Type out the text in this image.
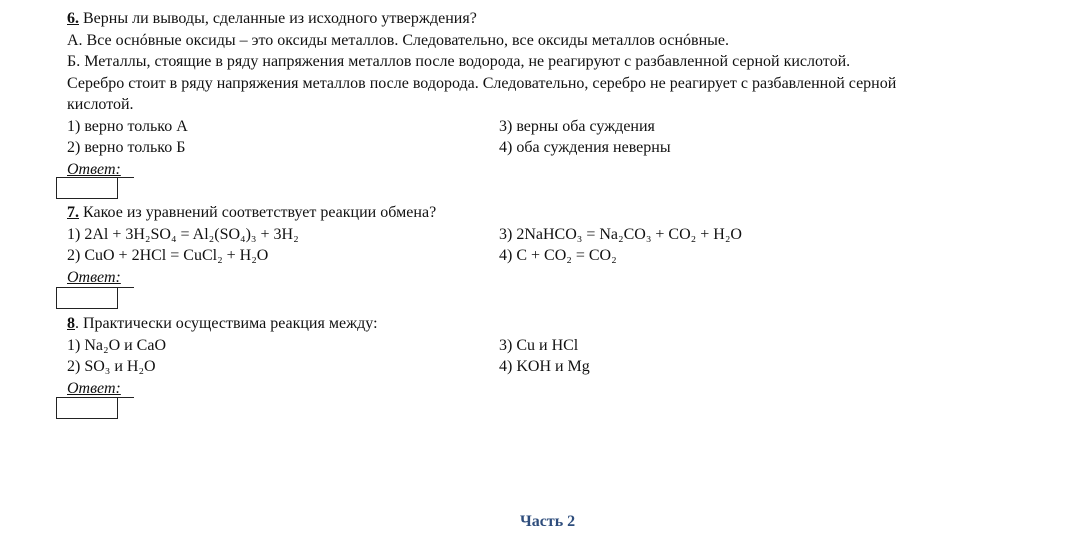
6. Верны ли выводы, сделанные из исходного утверждения?
А. Все оснóвные оксиды – это оксиды металлов. Следовательно, все оксиды металлов оснóвные.
Б. Металлы, стоящие в ряду напряжения металлов после водорода, не реагируют с разбавленной серной кислотой.
Серебро стоит в ряду напряжения металлов после водорода. Следовательно, серебро не реагирует с разбавленной серной
кислотой.
1) верно только А	3) верны оба суждения
2) верно только Б	4) оба суждения неверны
Ответ:
7. Какое из уравнений соответствует реакции обмена?
1) 2Al + 3H₂SO₄ = Al₂(SO₄)₃ + 3H₂	3) 2NaHCO₃ = Na₂CO₃ + CO₂ + H₂O
2) CuO + 2HCl = CuCl₂ + H₂O	4) C + CO₂ = CO₂
Ответ:
8. Практически осуществима реакция между:
1) Na₂O и CaO	3) Cu и HCl
2) SO₃ и H₂O	4) KOH и Mg
Ответ:
Часть 2
